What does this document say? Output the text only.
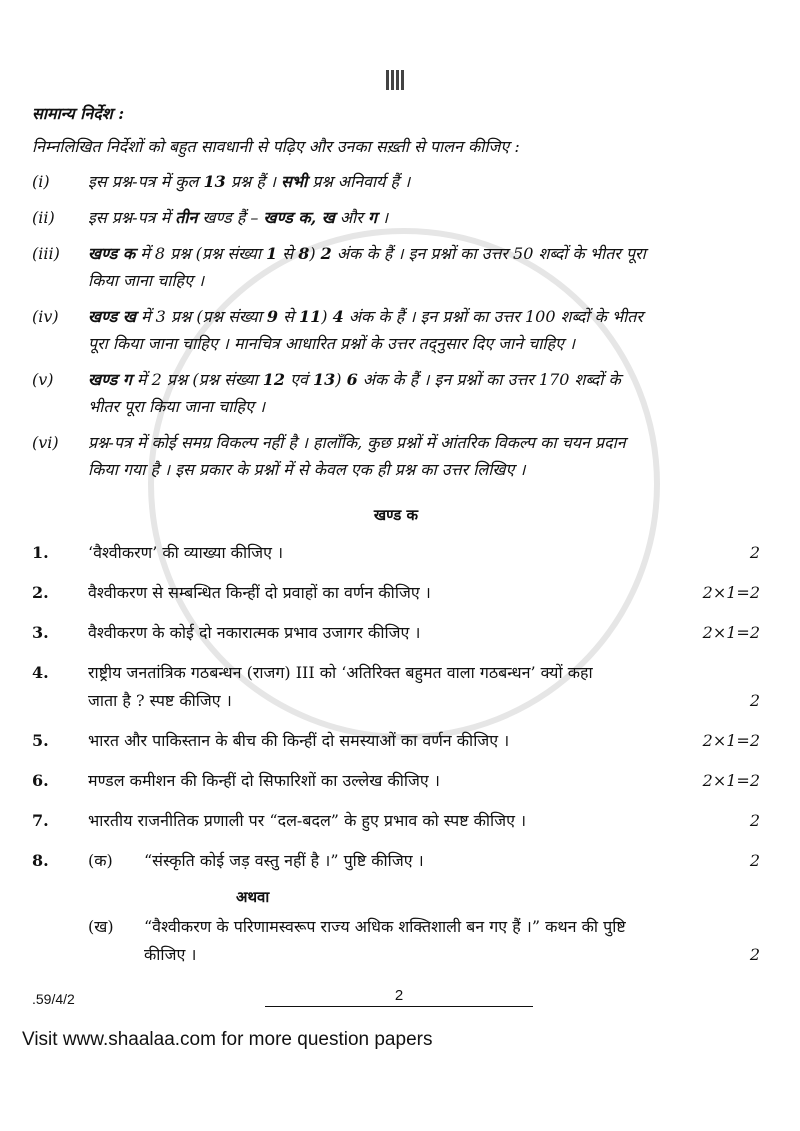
सामान्य निर्देश :
निम्नलिखित निर्देशों को बहुत सावधानी से पढ़िए और उनका सख़्ती से पालन कीजिए :
(i)	इस प्रश्न-पत्र में कुल 13 प्रश्न हैं । सभी प्रश्न अनिवार्य हैं ।
(ii)	इस प्रश्न-पत्र में तीन खण्ड हैं – खण्ड क, ख और ग ।
(iii)	खण्ड क में 8 प्रश्न (प्रश्न संख्या 1 से 8) 2 अंक के हैं । इन प्रश्नों का उत्तर 50 शब्दों के भीतर पूरा
किया जाना चाहिए ।
(iv)	खण्ड ख में 3 प्रश्न (प्रश्न संख्या 9 से 11) 4 अंक के हैं । इन प्रश्नों का उत्तर 100 शब्दों के भीतर
पूरा किया जाना चाहिए । मानचित्र आधारित प्रश्नों के उत्तर तद्नुसार दिए जाने चाहिए ।
(v)	खण्ड ग में 2 प्रश्न (प्रश्न संख्या 12 एवं 13) 6 अंक के हैं । इन प्रश्नों का उत्तर 170 शब्दों के
भीतर पूरा किया जाना चाहिए ।
(vi)	प्रश्न-पत्र में कोई समग्र विकल्प नहीं है । हालाँकि, कुछ प्रश्नों में आंतरिक विकल्प का चयन प्रदान
किया गया है । इस प्रकार के प्रश्नों में से केवल एक ही प्रश्न का उत्तर लिखिए ।
खण्ड क
1.	‘वैश्वीकरण’ की व्याख्या कीजिए ।	2
2.	वैश्वीकरण से सम्बन्धित किन्हीं दो प्रवाहों का वर्णन कीजिए ।	2×1=2
3.	वैश्वीकरण के कोई दो नकारात्मक प्रभाव उजागर कीजिए ।	2×1=2
4.	राष्ट्रीय जनतांत्रिक गठबन्धन (राजग) III को ‘अतिरिक्त बहुमत वाला गठबन्धन’ क्यों कहा
जाता है ? स्पष्ट कीजिए ।	2
5.	भारत और पाकिस्तान के बीच की किन्हीं दो समस्याओं का वर्णन कीजिए ।	2×1=2
6.	मण्डल कमीशन की किन्हीं दो सिफारिशों का उल्लेख कीजिए ।	2×1=2
7.	भारतीय राजनीतिक प्रणाली पर “दल-बदल” के हुए प्रभाव को स्पष्ट कीजिए ।	2
8.	(क)	“संस्कृति कोई जड़ वस्तु नहीं है ।” पुष्टि कीजिए ।	2
अथवा
(ख)	“वैश्वीकरण के परिणामस्वरूप राज्य अधिक शक्तिशाली बन गए हैं ।” कथन की पुष्टि
कीजिए ।	2
.59/4/2	2
Visit www.shaalaa.com for more question papers
